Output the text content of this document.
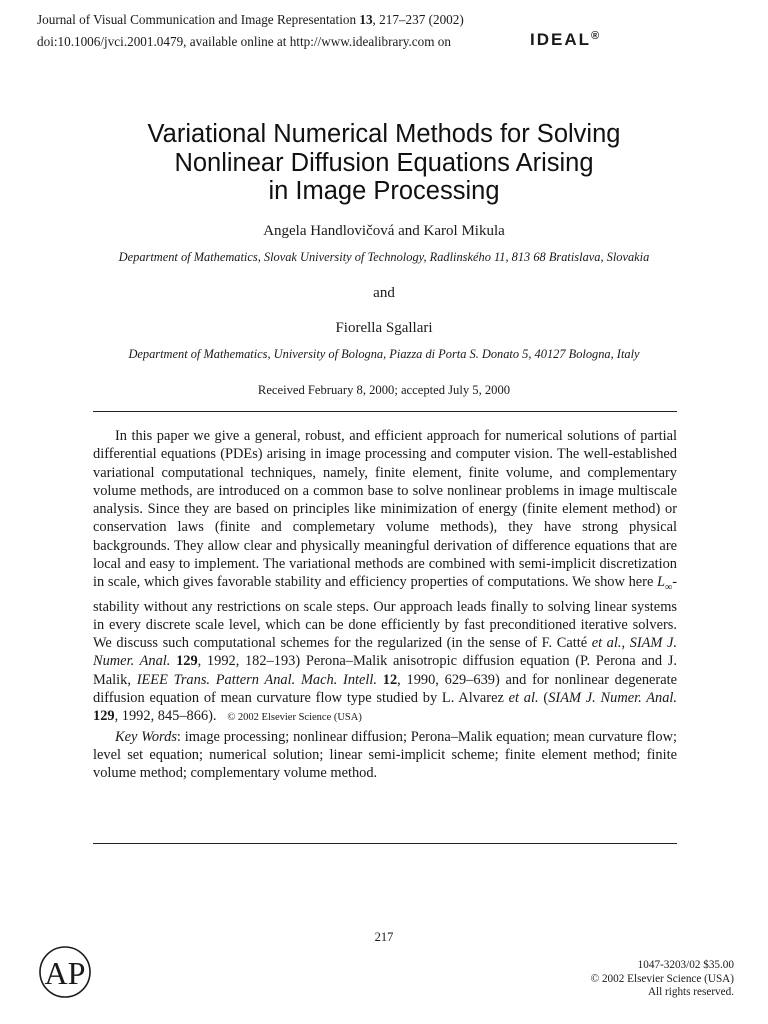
Journal of Visual Communication and Image Representation 13, 217–237 (2002)
doi:10.1006/jvci.2001.0479, available online at http://www.idealibrary.com on	IDEAL®
Variational Numerical Methods for Solving
Nonlinear Diffusion Equations Arising
in Image Processing
Angela Handlovičová and Karol Mikula
Department of Mathematics, Slovak University of Technology, Radlinského 11, 813 68 Bratislava, Slovakia
and
Fiorella Sgallari
Department of Mathematics, University of Bologna, Piazza di Porta S. Donato 5, 40127 Bologna, Italy
Received February 8, 2000; accepted July 5, 2000

In this paper we give a general, robust, and efficient approach for numerical solutions of partial differential equations (PDEs) arising in image processing and computer vision. The well-established variational computational techniques, namely, finite element, finite volume, and complementary volume methods, are introduced on a common base to solve nonlinear problems in image multiscale analysis. Since they are based on principles like minimization of energy (finite element method) or conservation laws (finite and complemetary volume methods), they have strong physical backgrounds. They allow clear and physically meaningful derivation of difference equations that are local and easy to implement. The variational methods are combined with semi-implicit discretization in scale, which gives favorable stability and efficiency properties of computations. We show here $L_\infty$-stability without any restrictions on scale steps. Our approach leads finally to solving linear systems in every discrete scale level, which can be done efficiently by fast preconditioned iterative solvers. We discuss such computational schemes for the regularized (in the sense of F. Catté et al., SIAM J. Numer. Anal. 129, 1992, 182–193) Perona–Malik anisotropic diffusion equation (P. Perona and J. Malik, IEEE Trans. Pattern Anal. Mach. Intell. 12, 1990, 629–639) and for nonlinear degenerate diffusion equation of mean curvature flow type studied by L. Alvarez et al. (SIAM J. Numer. Anal. 129, 1992, 845–866). © 2002 Elsevier Science (USA)

Key Words: image processing; nonlinear diffusion; Perona–Malik equation; mean curvature flow; level set equation; numerical solution; linear semi-implicit scheme; finite element method; finite volume method; complementary volume method.

217
AP	1047-3203/02 $35.00
© 2002 Elsevier Science (USA)
All rights reserved.
